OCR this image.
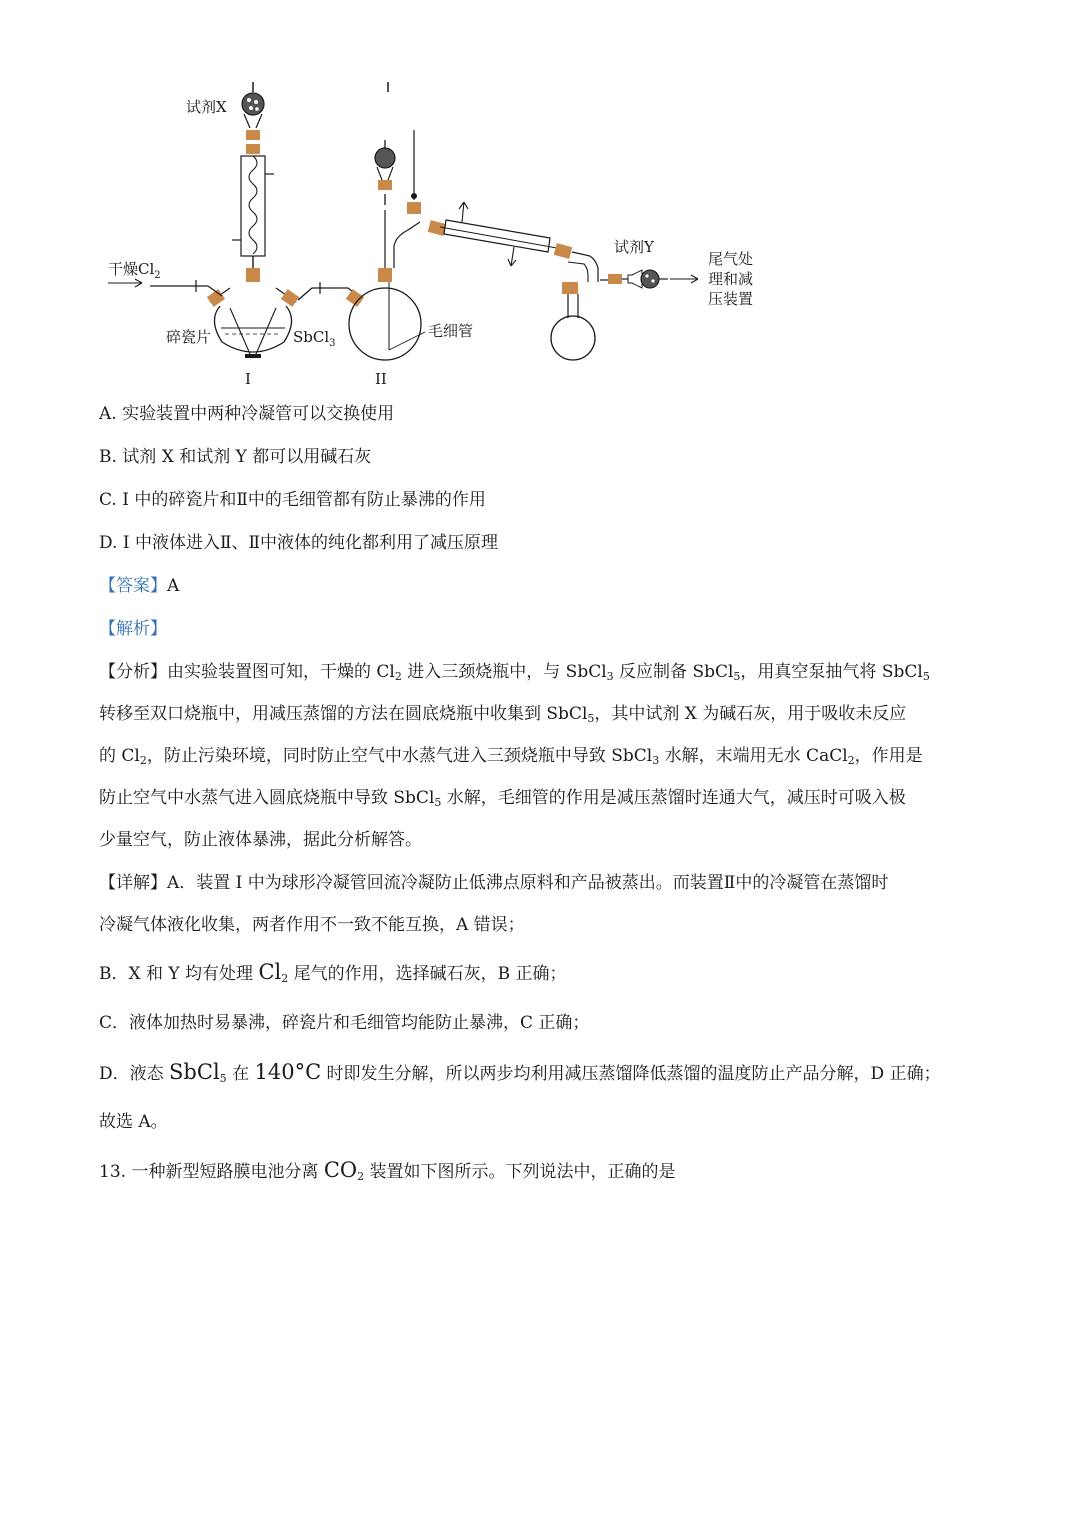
试剂X
干燥$Cl_2$
碎瓷片	SbCl$_3$
毛细管
试剂Y
尾气处
理和减
压装置
I	II
A. 实验装置中两种冷凝管可以交换使用
B. 试剂 X 和试剂 Y 都可以用碱石灰
C. I 中的碎瓷片和Ⅱ中的毛细管都有防止暴沸的作用
D. I 中液体进入Ⅱ、Ⅱ中液体的纯化都利用了减压原理
【答案】A
【解析】
【分析】由实验装置图可知，干燥的 $Cl_2$ 进入三颈烧瓶中，与 SbCl$_3$ 反应制备 SbCl$_5$，用真空泵抽气将 SbCl$_5$
转移至双口烧瓶中，用减压蒸馏的方法在圆底烧瓶中收集到 SbCl$_5$，其中试剂 X 为碱石灰，用于吸收未反应
的 $Cl_2$，防止污染环境，同时防止空气中水蒸气进入三颈烧瓶中导致 SbCl$_3$ 水解，末端用无水 CaCl$_2$，作用是
防止空气中水蒸气进入圆底烧瓶中导致 SbCl$_5$ 水解，毛细管的作用是减压蒸馏时连通大气，减压时可吸入极
少量空气，防止液体暴沸，据此分析解答。
【详解】A．装置 I 中为球形冷凝管回流冷凝防止低沸点原料和产品被蒸出。而装置Ⅱ中的冷凝管在蒸馏时
冷凝气体液化收集，两者作用不一致不能互换，A 错误；
B．X 和 Y 均有处理 $Cl_2$ 尾气的作用，选择碱石灰，B 正确；
C．液体加热时易暴沸，碎瓷片和毛细管均能防止暴沸，C 正确；
D．液态 SbCl$_5$ 在 140°C 时即发生分解，所以两步均利用减压蒸馏降低蒸馏的温度防止产品分解，D 正确；
故选 A。
13. 一种新型短路膜电池分离 $CO_2$ 装置如下图所示。下列说法中，正确的是
